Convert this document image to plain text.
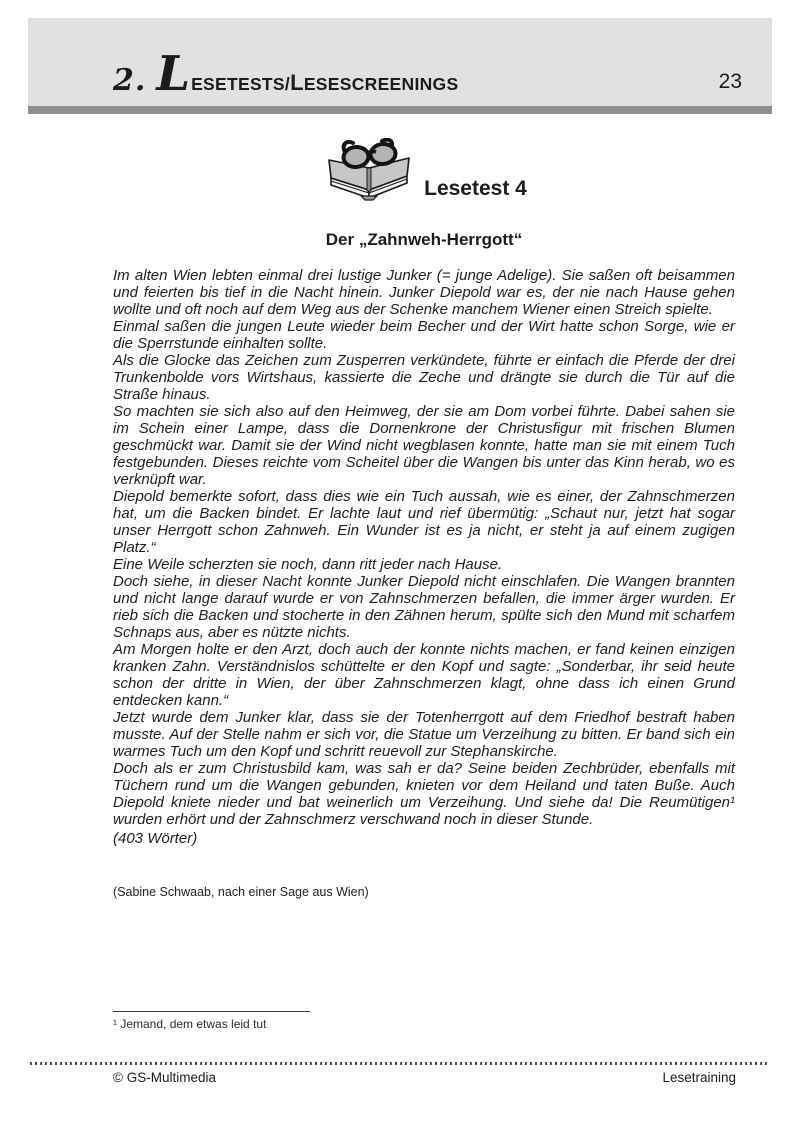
2. L ESETESTS/ L ESESCREENINGS	23
Lesetest 4
Der „Zahnweh-Herrgott“

Im alten Wien lebten einmal drei lustige Junker (= junge Adelige). Sie saßen oft beisammen und feierten bis tief in die Nacht hinein. Junker Diepold war es, der nie nach Hause gehen wollte und oft noch auf dem Weg aus der Schenke manchem Wiener einen Streich spielte.

Einmal saßen die jungen Leute wieder beim Becher und der Wirt hatte schon Sorge, wie er die Sperrstunde einhalten sollte.

Als die Glocke das Zeichen zum Zusperren verkündete, führte er einfach die Pferde der drei Trunkenbolde vors Wirtshaus, kassierte die Zeche und drängte sie durch die Tür auf die Straße hinaus.

So machten sie sich also auf den Heimweg, der sie am Dom vorbei führte. Dabei sahen sie im Schein einer Lampe, dass die Dornenkrone der Christusfigur mit frischen Blumen geschmückt war. Damit sie der Wind nicht wegblasen konnte, hatte man sie mit einem Tuch festgebunden. Dieses reichte vom Scheitel über die Wangen bis unter das Kinn herab, wo es verknüpft war.

Diepold bemerkte sofort, dass dies wie ein Tuch aussah, wie es einer, der Zahnschmerzen hat, um die Backen bindet. Er lachte laut und rief übermütig: „Schaut nur, jetzt hat sogar unser Herrgott schon Zahnweh. Ein Wunder ist es ja nicht, er steht ja auf einem zugigen Platz.“

Eine Weile scherzten sie noch, dann ritt jeder nach Hause.

Doch siehe, in dieser Nacht konnte Junker Diepold nicht einschlafen. Die Wangen brannten und nicht lange darauf wurde er von Zahnschmerzen befallen, die immer ärger wurden. Er rieb sich die Backen und stocherte in den Zähnen herum, spülte sich den Mund mit scharfem Schnaps aus, aber es nützte nichts.

Am Morgen holte er den Arzt, doch auch der konnte nichts machen, er fand keinen einzigen kranken Zahn. Verständnislos schüttelte er den Kopf und sagte: „Sonderbar, ihr seid heute schon der dritte in Wien, der über Zahnschmerzen klagt, ohne dass ich einen Grund entdecken kann.“

Jetzt wurde dem Junker klar, dass sie der Totenherrgott auf dem Friedhof bestraft haben musste. Auf der Stelle nahm er sich vor, die Statue um Verzeihung zu bitten. Er band sich ein warmes Tuch um den Kopf und schritt reuevoll zur Stephanskirche.

Doch als er zum Christusbild kam, was sah er da? Seine beiden Zechbrüder, ebenfalls mit Tüchern rund um die Wangen gebunden, knieten vor dem Heiland und taten Buße. Auch Diepold kniete nieder und bat weinerlich um Verzeihung. Und siehe da! Die Reumütigen¹ wurden erhört und der Zahnschmerz verschwand noch in dieser Stunde.

(403 Wörter)

(Sabine Schwaab, nach einer Sage aus Wien)

¹ Jemand, dem etwas leid tut

© GS-Multimedia	Lesetraining
